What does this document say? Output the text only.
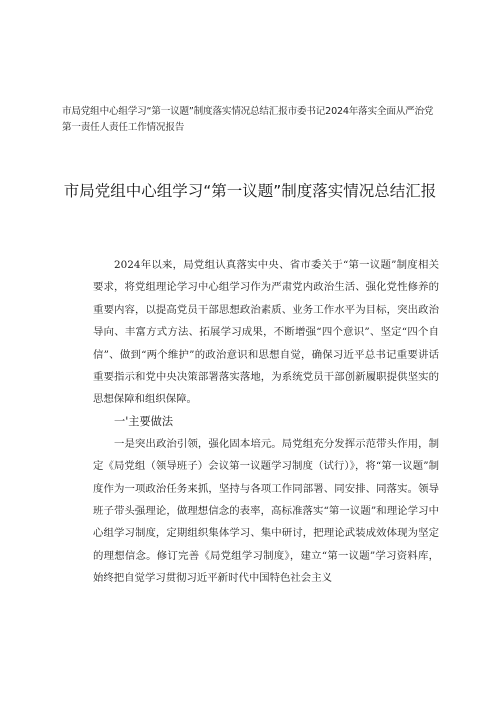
市局党组中心组学习“第一议题”制度落实情况总结汇报市委书记2024年落实全面从严治党第一责任人责任工作情况报告
市局党组中心组学习“第一议题”制度落实情况总结汇报

2024年以来，局党组认真落实中央、省市委关于“第一议题”制度相关要求，将党组理论学习中心组学习作为严肃党内政治生活、强化党性修养的重要内容，以提高党员干部思想政治素质、业务工作水平为目标，突出政治导向、丰富方式方法、拓展学习成果，不断增强“四个意识”、坚定“四个自信”、做到“两个维护”的政治意识和思想自觉，确保习近平总书记重要讲话重要指示和党中央决策部署落实落地，为系统党员干部创新履职提供坚实的思想保障和组织保障。

一'主要做法

一是突出政治引领，强化固本培元。局党组充分发挥示范带头作用，制定《局党组（领导班子）会议第一议题学习制度（试行）》，将“第一议题”制度作为一项政治任务来抓，坚持与各项工作同部署、同安排、同落实。领导班子带头强理论，做理想信念的表率，高标准落实“第一议题”和理论学习中心组学习制度，定期组织集体学习、集中研讨，把理论武装成效体现为坚定的理想信念。修订完善《局党组学习制度》，建立“第一议题”学习资料库，始终把自觉学习贯彻习近平新时代中国特色社会主义
